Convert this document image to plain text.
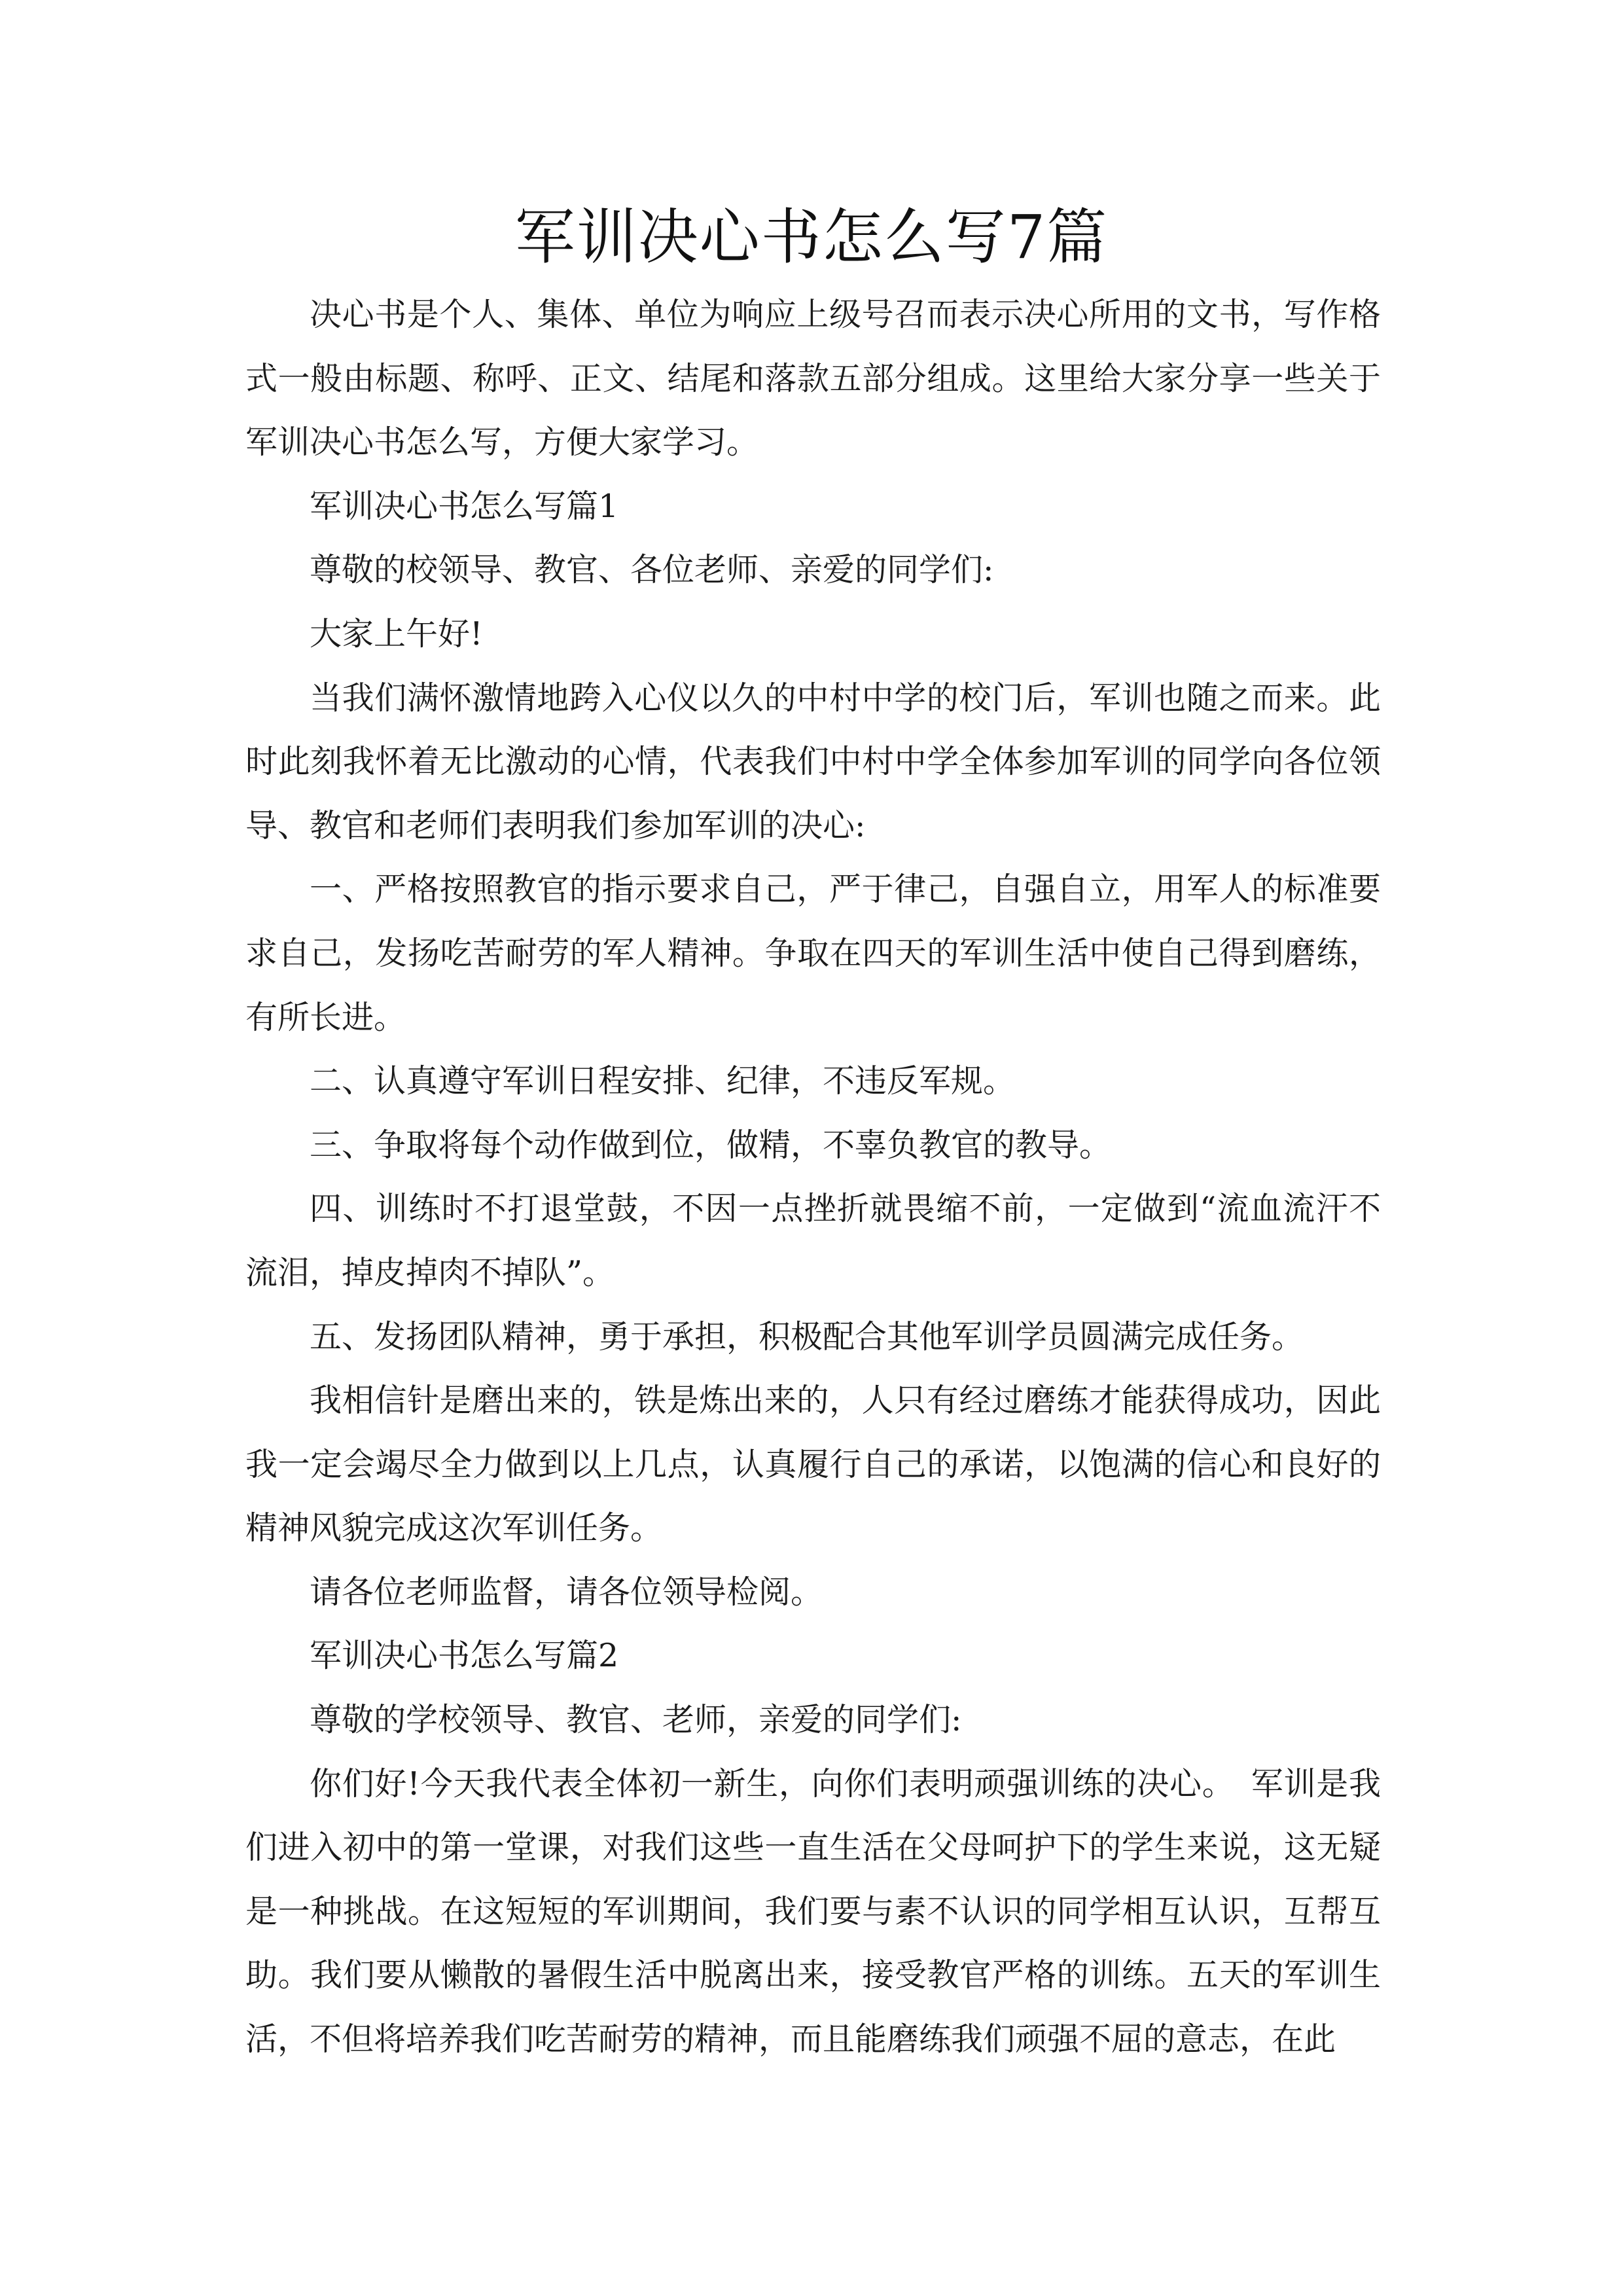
军训决心书怎么写7篇

决心书是个人、集体、单位为响应上级号召而表示决心所用的文书，写作格式一般由标题、称呼、正文、结尾和落款五部分组成。这里给大家分享一些关于军训决心书怎么写，方便大家学习。

军训决心书怎么写篇1

尊敬的校领导、教官、各位老师、亲爱的同学们:

大家上午好!

当我们满怀激情地跨入心仪以久的中村中学的校门后，军训也随之而来。此时此刻我怀着无比激动的心情，代表我们中村中学全体参加军训的同学向各位领导、教官和老师们表明我们参加军训的决心:

一、严格按照教官的指示要求自己，严于律己，自强自立，用军人的标准要求自己，发扬吃苦耐劳的军人精神。争取在四天的军训生活中使自己得到磨练，有所长进。

二、认真遵守军训日程安排、纪律，不违反军规。

三、争取将每个动作做到位，做精，不辜负教官的教导。

四、训练时不打退堂鼓，不因一点挫折就畏缩不前，一定做到“流血流汗不流泪，掉皮掉肉不掉队”。

五、发扬团队精神，勇于承担，积极配合其他军训学员圆满完成任务。

我相信针是磨出来的，铁是炼出来的，人只有经过磨练才能获得成功，因此我一定会竭尽全力做到以上几点，认真履行自己的承诺，以饱满的信心和良好的精神风貌完成这次军训任务。

请各位老师监督，请各位领导检阅。

军训决心书怎么写篇2

尊敬的学校领导、教官、老师，亲爱的同学们:

你们好!今天我代表全体初一新生，向你们表明顽强训练的决心。　军训是我们进入初中的第一堂课，对我们这些一直生活在父母呵护下的学生来说，这无疑是一种挑战。在这短短的军训期间，我们要与素不认识的同学相互认识，互帮互助。我们要从懒散的暑假生活中脱离出来，接受教官严格的训练。五天的军训生活，不但将培养我们吃苦耐劳的精神，而且能磨练我们顽强不屈的意志，在此
